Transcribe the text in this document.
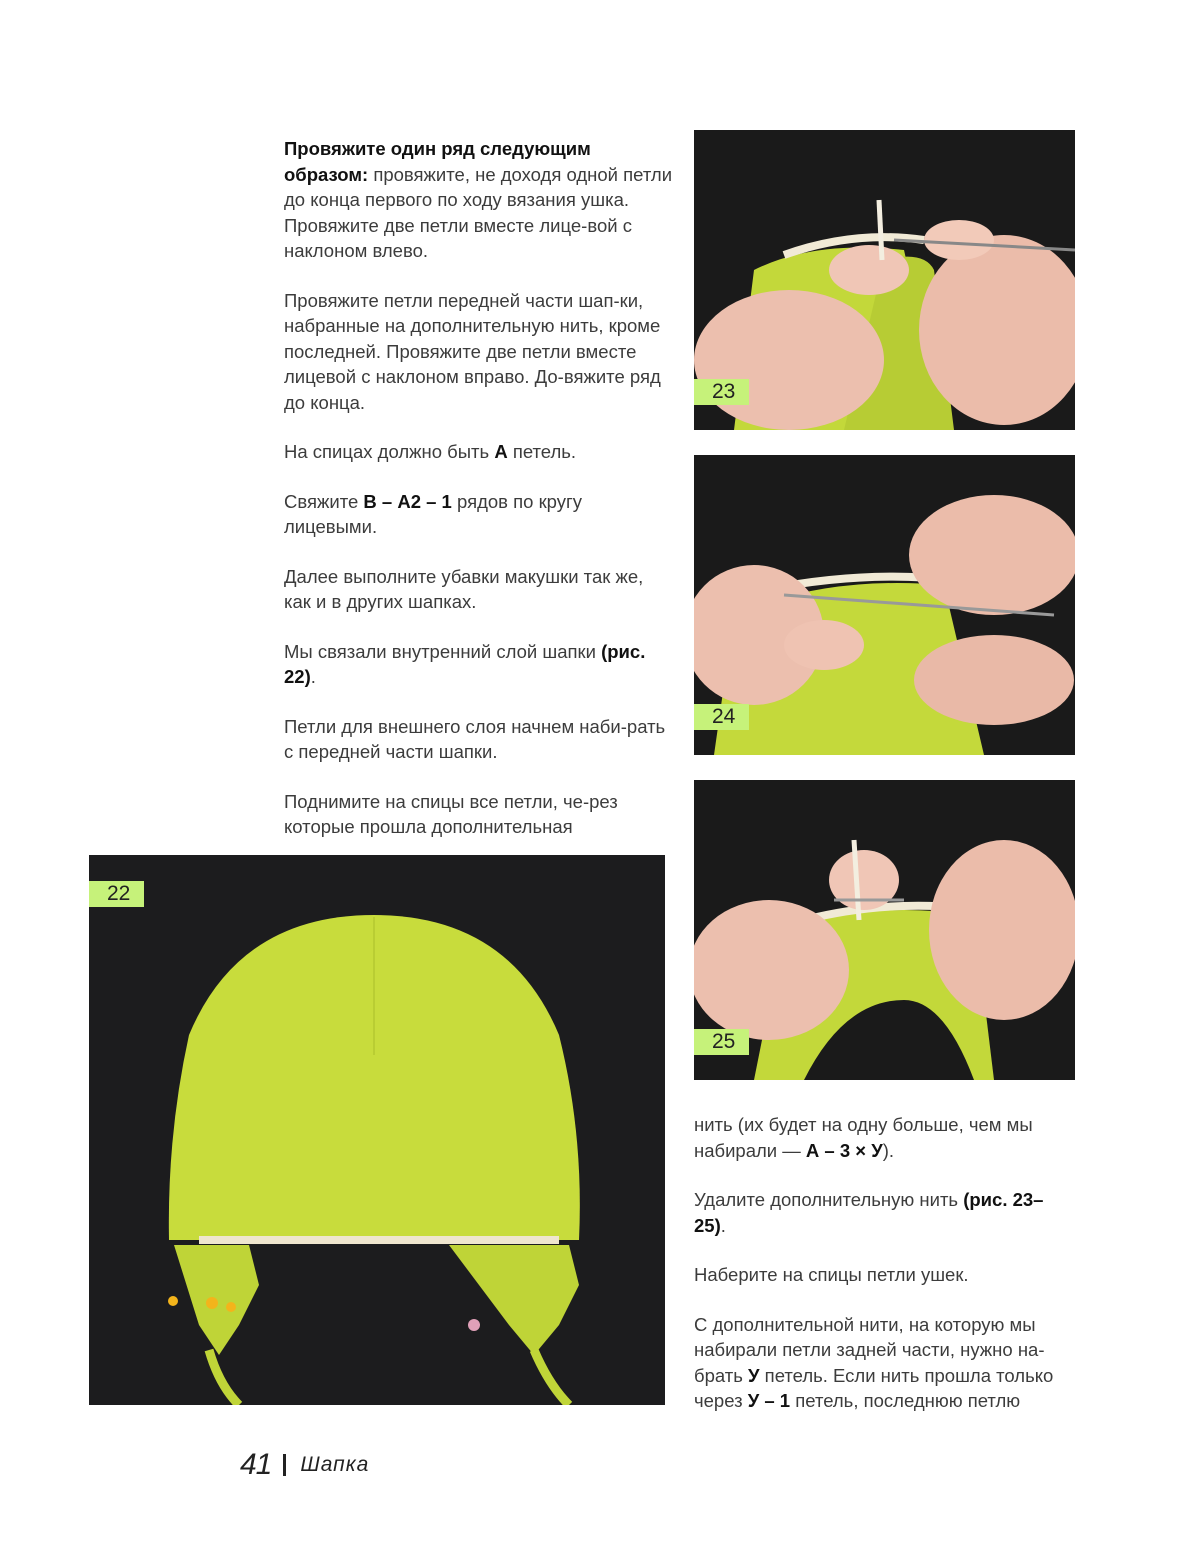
Провяжите один ряд следующим образом: провяжите, не доходя одной петли до конца первого по ходу вязания ушка. Провяжите две петли вместе лице-вой с наклоном влево.

Провяжите петли передней части шап-ки, набранные на дополнительную нить, кроме последней. Провяжите две петли вместе лицевой с наклоном вправо. До-вяжите ряд до конца.

На спицах должно быть А петель.

Свяжите В – А2 – 1 рядов по кругу лицевыми.

Далее выполните убавки макушки так же, как и в других шапках.

Мы связали внутренний слой шапки (рис. 22).

Петли для внешнего слоя начнем наби-рать с передней части шапки.

Поднимите на спицы все петли, че-рез которые прошла дополнительная

23
24
25
22

нить (их будет на одну больше, чем мы набирали — А – 3 × У).

Удалите дополнительную нить (рис. 23–25).

Наберите на спицы петли ушек.

С дополнительной нити, на которую мы набирали петли задней части, нужно на-брать У петель. Если нить прошла только через У – 1 петель, последнюю петлю

41 Шапка
